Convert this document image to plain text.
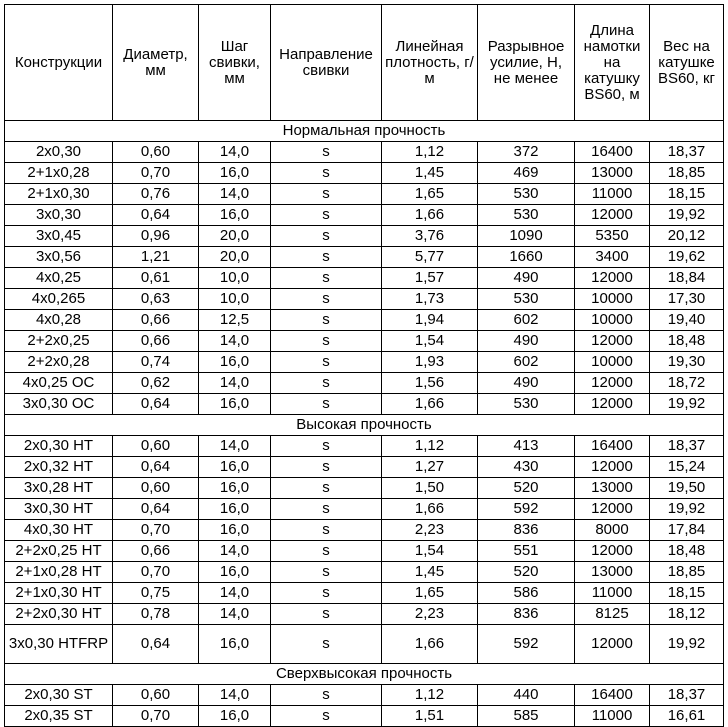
Конструкции	Диаметр, мм	Шаг свивки, мм	Направление свивки	Линейная плотность, г/м	Разрывное усилие, Н, не менее	Длина намотки на катушку BS60, м	Вес на катушке BS60, кг
Нормальная прочность							
2x0,30	0,60	14,0	s	1,12	372	16400	18,37
2+1x0,28	0,70	16,0	s	1,45	469	13000	18,85
2+1x0,30	0,76	14,0	s	1,65	530	11000	18,15
3x0,30	0,64	16,0	s	1,66	530	12000	19,92
3x0,45	0,96	20,0	s	3,76	1090	5350	20,12
3x0,56	1,21	20,0	s	5,77	1660	3400	19,62
4x0,25	0,61	10,0	s	1,57	490	12000	18,84
4x0,265	0,63	10,0	s	1,73	530	10000	17,30
4x0,28	0,66	12,5	s	1,94	602	10000	19,40
2+2x0,25	0,66	14,0	s	1,54	490	12000	18,48
2+2x0,28	0,74	16,0	s	1,93	602	10000	19,30
4x0,25 OC	0,62	14,0	s	1,56	490	12000	18,72
3x0,30 OC	0,64	16,0	s	1,66	530	12000	19,92
Высокая прочность							
2x0,30 HT	0,60	14,0	s	1,12	413	16400	18,37
2x0,32 HT	0,64	16,0	s	1,27	430	12000	15,24
3x0,28 HT	0,60	16,0	s	1,50	520	13000	19,50
3x0,30 HT	0,64	16,0	s	1,66	592	12000	19,92
4x0,30 HT	0,70	16,0	s	2,23	836	8000	17,84
2+2x0,25 HT	0,66	14,0	s	1,54	551	12000	18,48
2+1x0,28 HT	0,70	16,0	s	1,45	520	13000	18,85
2+1x0,30 HT	0,75	14,0	s	1,65	586	11000	18,15
2+2x0,30 HT	0,78	14,0	s	2,23	836	8125	18,12
3x0,30 HTFRP	0,64	16,0	s	1,66	592	12000	19,92
Сверхвысокая прочность							
2x0,30 ST	0,60	14,0	s	1,12	440	16400	18,37
2x0,35 ST	0,70	16,0	s	1,51	585	11000	16,61
